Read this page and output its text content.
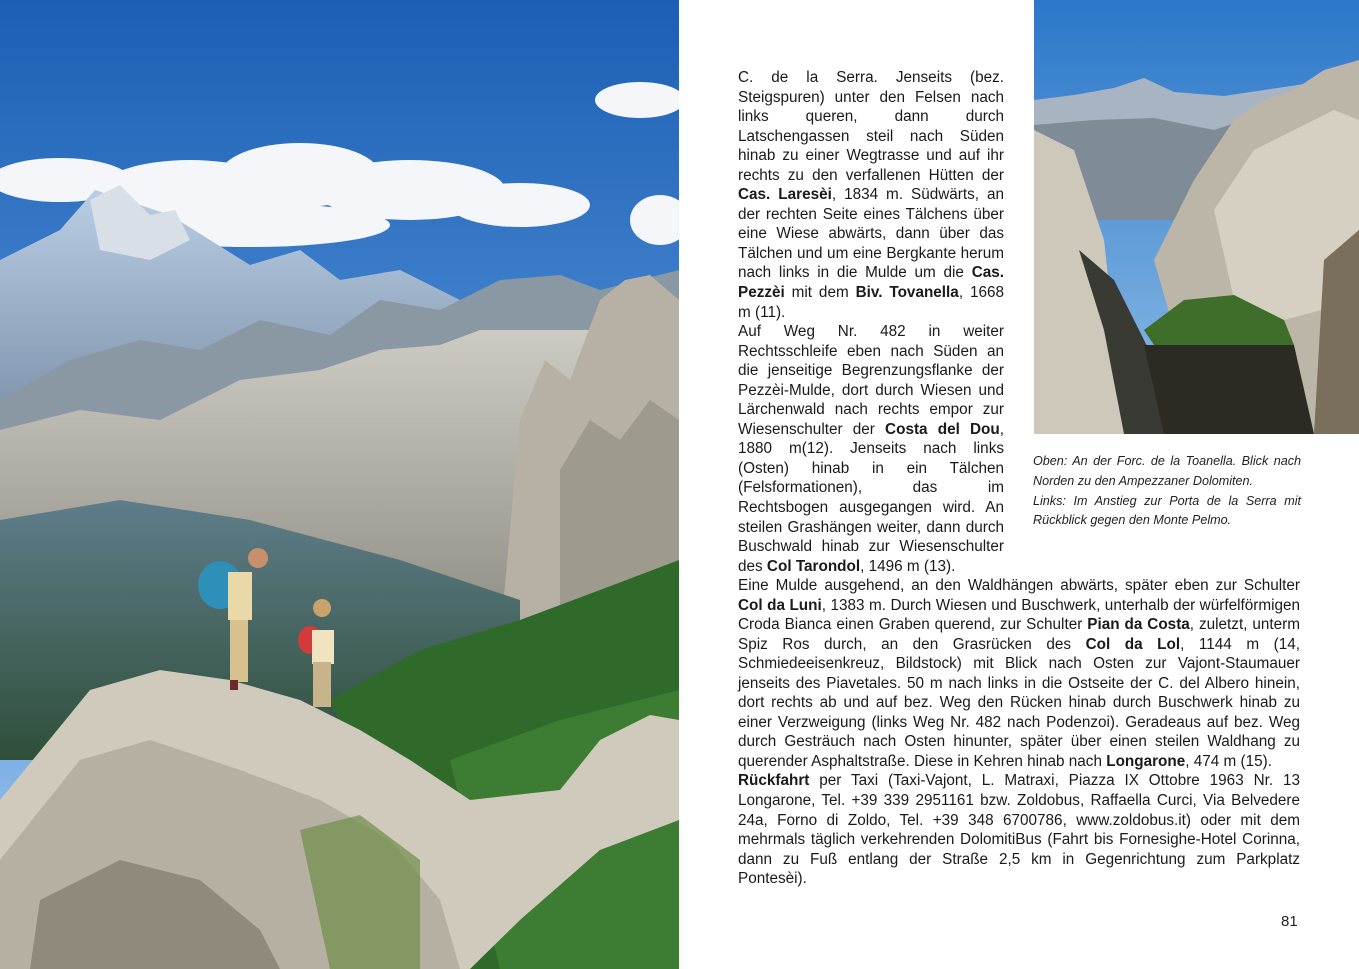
C. de la Serra. Jenseits (bez. Steigspuren) unter den Felsen nach links queren, dann durch Latschengassen steil nach Süden hinab zu einer Wegtrasse und auf ihr rechts zu den verfallenen Hütten der Cas. Laresèi, 1834 m. Südwärts, an der rechten Seite eines Tälchens über eine Wiese abwärts, dann über das Tälchen und um eine Bergkante herum nach links in die Mulde um die Cas. Pezzèi mit dem Biv. Tovanella, 1668 m (11).

Auf Weg Nr. 482 in weiter Rechtsschleife eben nach Süden an die jenseitige Begrenzungsflanke der Pezzèi-Mulde, dort durch Wiesen und Lärchenwald nach rechts empor zur Wiesenschulter der Costa del Dou, 1880 m(12). Jenseits nach links (Osten) hinab in ein Tälchen (Felsformationen), das im Rechtsbogen ausgegangen wird. An steilen Grashängen weiter, dann durch Buschwald hinab zur Wiesenschulter des Col Tarondol, 1496 m (13).

Oben: An der Forc. de la Toanella. Blick nach Norden zu den Ampezzaner Dolomiten.

Links: Im Anstieg zur Porta de la Serra mit Rückblick gegen den Monte Pelmo.

Eine Mulde ausgehend, an den Waldhängen abwärts, später eben zur Schulter Col da Luni, 1383 m. Durch Wiesen und Buschwerk, unterhalb der würfelförmigen Croda Bianca einen Graben querend, zur Schulter Pian da Costa, zuletzt, unterm Spiz Ros durch, an den Grasrücken des Col da Lol, 1144 m (14, Schmiedeeisenkreuz, Bildstock) mit Blick nach Osten zur Vajont-Staumauer jenseits des Piavetales. 50 m nach links in die Ostseite der C. del Albero hinein, dort rechts ab und auf bez. Weg den Rücken hinab durch Buschwerk hinab zu einer Verzweigung (links Weg Nr. 482 nach Podenzoi). Geradeaus auf bez. Weg durch Gesträuch nach Osten hinunter, später über einen steilen Waldhang zu querender Asphaltstraße. Diese in Kehren hinab nach Longarone, 474 m (15).

Rückfahrt per Taxi (Taxi-Vajont, L. Matraxi, Piazza IX Ottobre 1963 Nr. 13 Longarone, Tel. +39 339 2951161 bzw. Zoldobus, Raffaella Curci, Via Belvedere 24a, Forno di Zoldo, Tel. +39 348 6700786, www.zoldobus.it) oder mit dem mehrmals täglich verkehrenden DolomitiBus (Fahrt bis Fornesighe-Hotel Corinna, dann zu Fuß entlang der Straße 2,5 km in Gegenrichtung zum Parkplatz Pontesèi).

81
